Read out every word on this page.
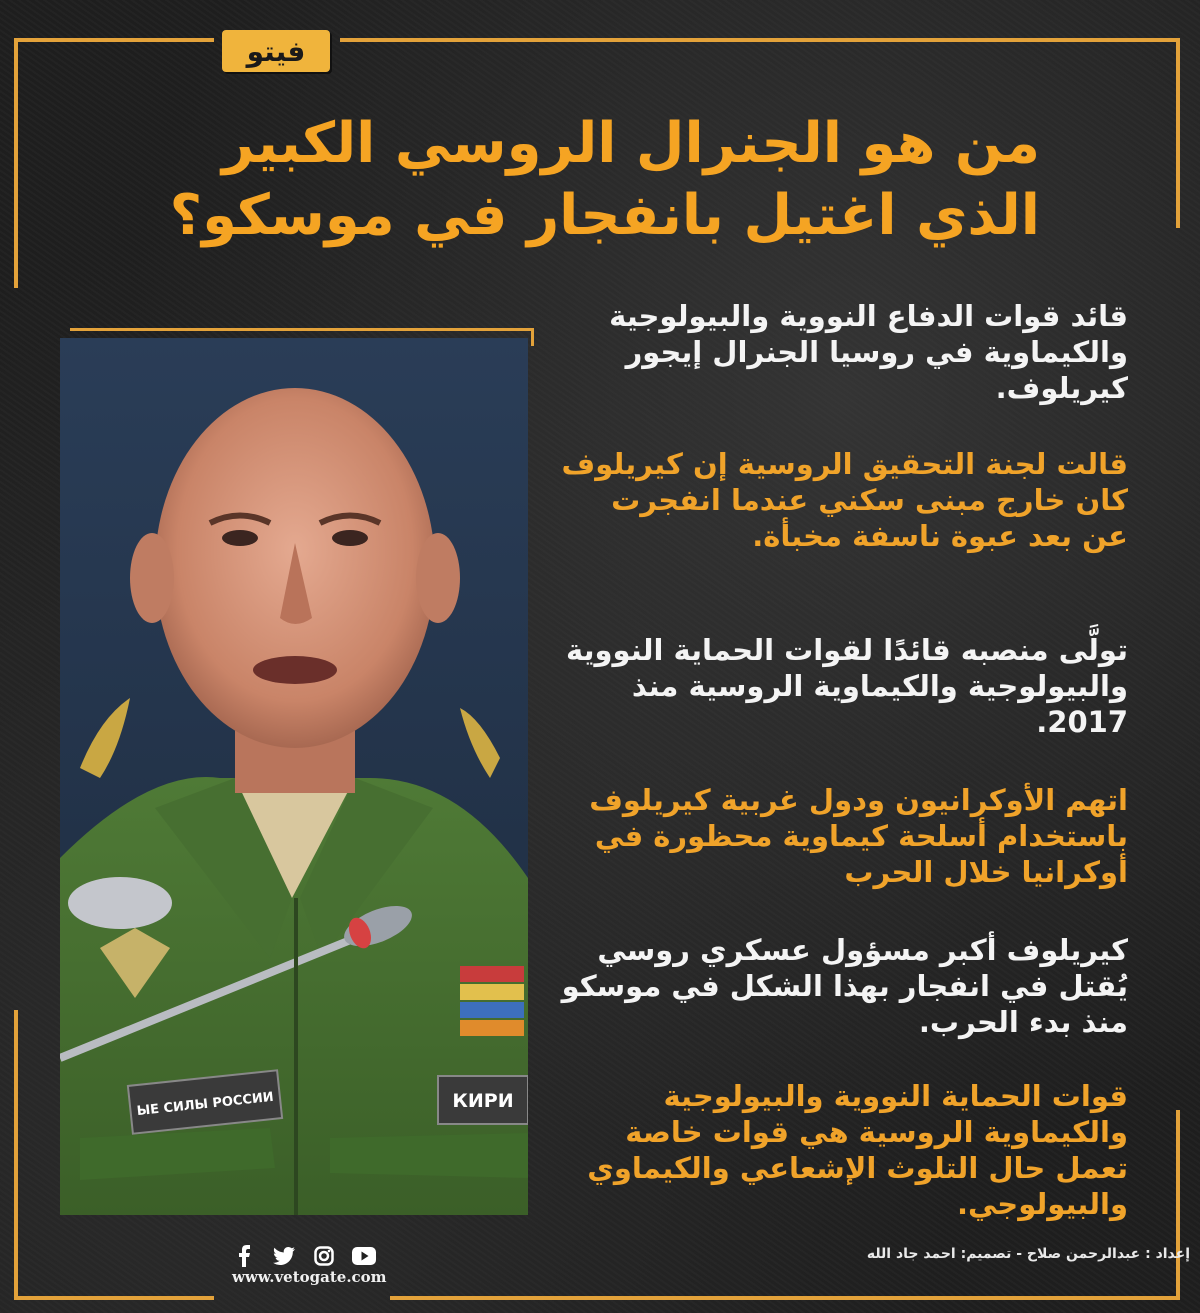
فيتو
من هو الجنرال الروسي الكبير
الذي اغتيل بانفجار في موسكو؟
ЫЕ СИЛЫ РОССИИ	КИРИ

قائد قوات الدفاع النووية والبيولوجية والكيماوية في روسيا الجنرال إيجور كيريلوف.

قالت لجنة التحقيق الروسية إن كيريلوف كان خارج مبنى سكني عندما انفجرت عن بعد عبوة ناسفة مخبأة.

تولَّى منصبه قائدًا لقوات الحماية النووية والبيولوجية والكيماوية الروسية منذ 2017.

اتهم الأوكرانيون ودول غربية كيريلوف باستخدام أسلحة كيماوية محظورة في أوكرانيا خلال الحرب

كيريلوف أكبر مسؤول عسكري روسي يُقتل في انفجار بهذا الشكل في موسكو منذ بدء الحرب.

قوات الحماية النووية والبيولوجية والكيماوية الروسية هي قوات خاصة تعمل حال التلوث الإشعاعي والكيماوي والبيولوجي.

إعداد : عبدالرحمن صلاح - تصميم: احمد جاد الله
www.vetogate.com
